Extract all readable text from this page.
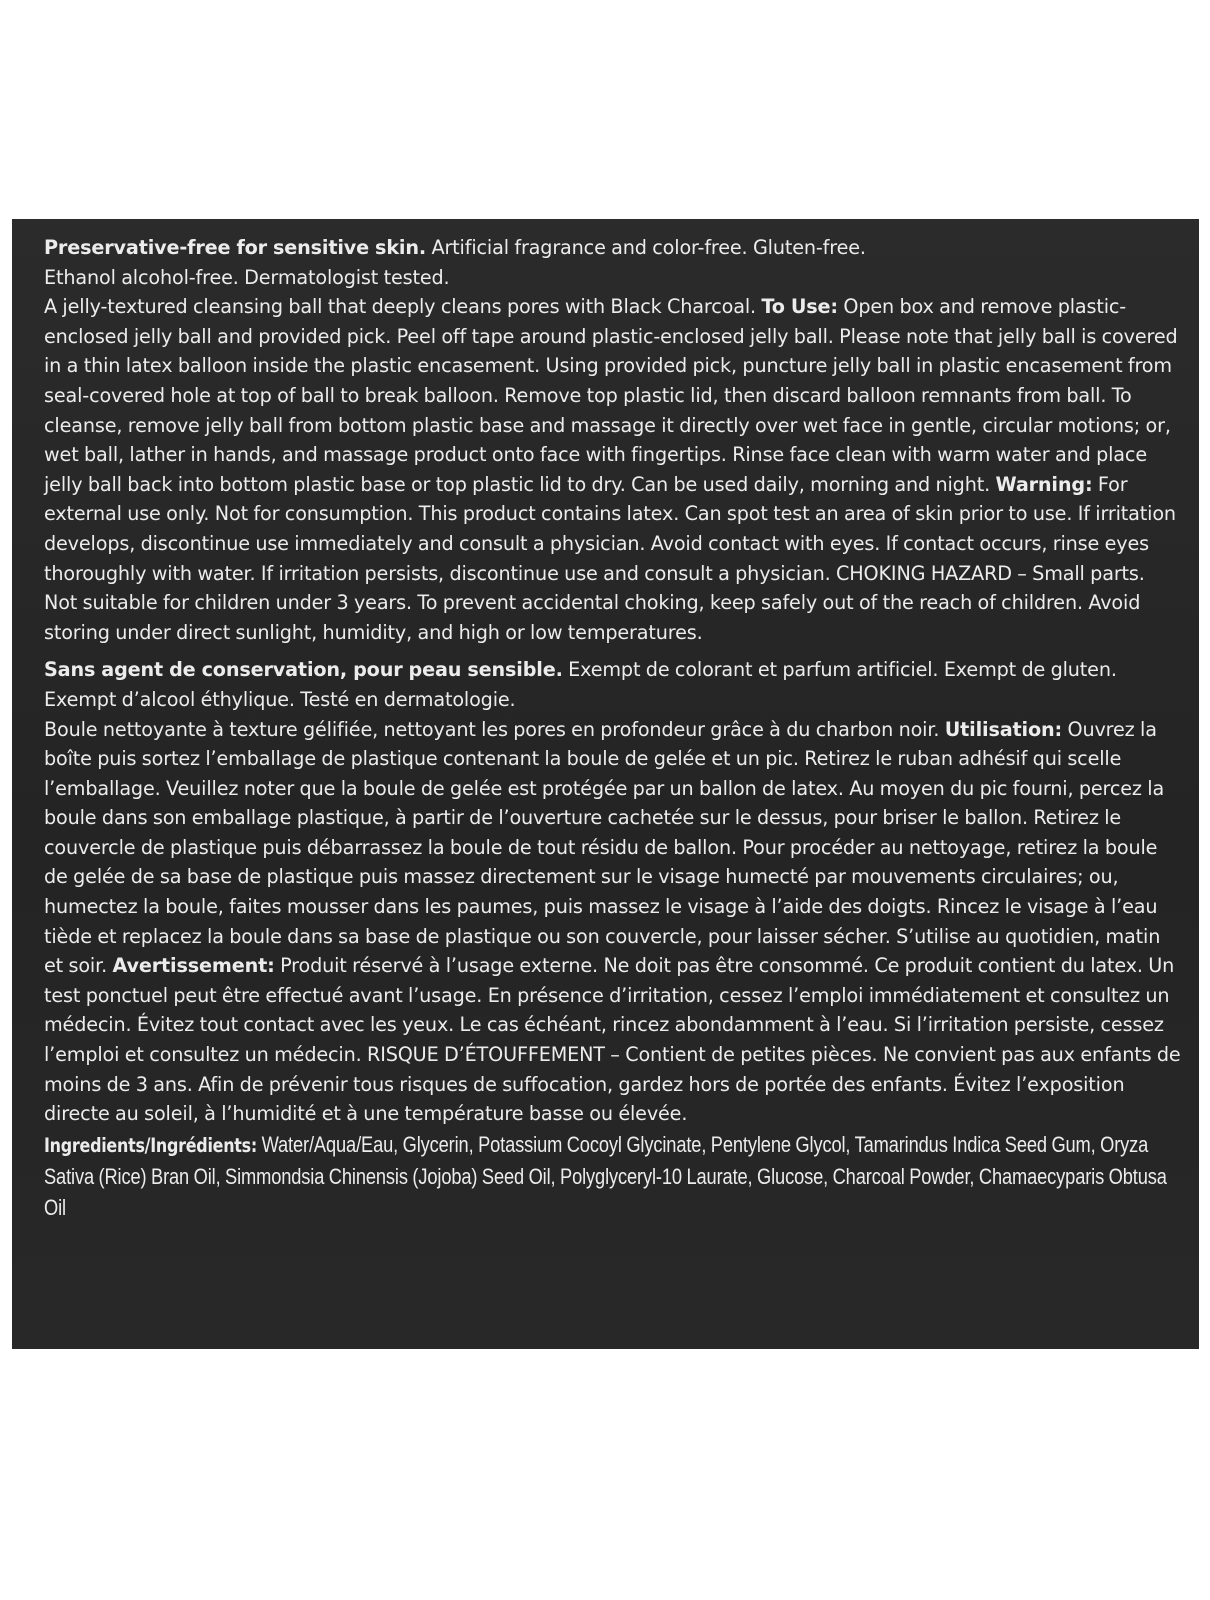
Preservative-free for sensitive skin. Artificial fragrance and color-free. Gluten-free.
Ethanol alcohol-free. Dermatologist tested.

A jelly-textured cleansing ball that deeply cleans pores with Black Charcoal. To Use: Open box and remove plastic-enclosed jelly ball and provided pick. Peel off tape around plastic-enclosed jelly ball. Please note that jelly ball is covered in a thin latex balloon inside the plastic encasement. Using provided pick, puncture jelly ball in plastic encasement from seal-covered hole at top of ball to break balloon. Remove top plastic lid, then discard balloon remnants from ball. To cleanse, remove jelly ball from bottom plastic base and massage it directly over wet face in gentle, circular motions; or, wet ball, lather in hands, and massage product onto face with fingertips. Rinse face clean with warm water and place jelly ball back into bottom plastic base or top plastic lid to dry. Can be used daily, morning and night. Warning: For external use only. Not for consumption. This product contains latex. Can spot test an area of skin prior to use. If irritation develops, discontinue use immediately and consult a physician. Avoid contact with eyes. If contact occurs, rinse eyes thoroughly with water. If irritation persists, discontinue use and consult a physician. CHOKING HAZARD – Small parts. Not suitable for children under 3 years. To prevent accidental choking, keep safely out of the reach of children. Avoid storing under direct sunlight, humidity, and high or low temperatures.

Sans agent de conservation, pour peau sensible. Exempt de colorant et parfum artificiel. Exempt de gluten.
Exempt d’alcool éthylique. Testé en dermatologie.

Boule nettoyante à texture gélifiée, nettoyant les pores en profondeur grâce à du charbon noir. Utilisation: Ouvrez la boîte puis sortez l’emballage de plastique contenant la boule de gelée et un pic. Retirez le ruban adhésif qui scelle l’emballage. Veuillez noter que la boule de gelée est protégée par un ballon de latex. Au moyen du pic fourni, percez la boule dans son emballage plastique, à partir de l’ouverture cachetée sur le dessus, pour briser le ballon. Retirez le couvercle de plastique puis débarrassez la boule de tout résidu de ballon. Pour procéder au nettoyage, retirez la boule de gelée de sa base de plastique puis massez directement sur le visage humecté par mouvements circulaires; ou, humectez la boule, faites mousser dans les paumes, puis massez le visage à l’aide des doigts. Rincez le visage à l’eau tiède et replacez la boule dans sa base de plastique ou son couvercle, pour laisser sécher. S’utilise au quotidien, matin et soir. Avertissement: Produit réservé à l’usage externe. Ne doit pas être consommé. Ce produit contient du latex. Un test ponctuel peut être effectué avant l’usage. En présence d’irritation, cessez l’emploi immédiatement et consultez un médecin. Évitez tout contact avec les yeux. Le cas échéant, rincez abondamment à l’eau. Si l’irritation persiste, cessez l’emploi et consultez un médecin. RISQUE D’ÉTOUFFEMENT – Contient de petites pièces. Ne convient pas aux enfants de moins de 3 ans. Afin de prévenir tous risques de suffocation, gardez hors de portée des enfants. Évitez l’exposition directe au soleil, à l’humidité et à une température basse ou élevée.

Ingredients/Ingrédients: Water/Aqua/Eau, Glycerin, Potassium Cocoyl Glycinate, Pentylene Glycol, Tamarindus Indica Seed Gum, Oryza Sativa (Rice) Bran Oil, Simmondsia Chinensis (Jojoba) Seed Oil, Polyglyceryl-10 Laurate, Glucose, Charcoal Powder, Chamaecyparis Obtusa Oil
